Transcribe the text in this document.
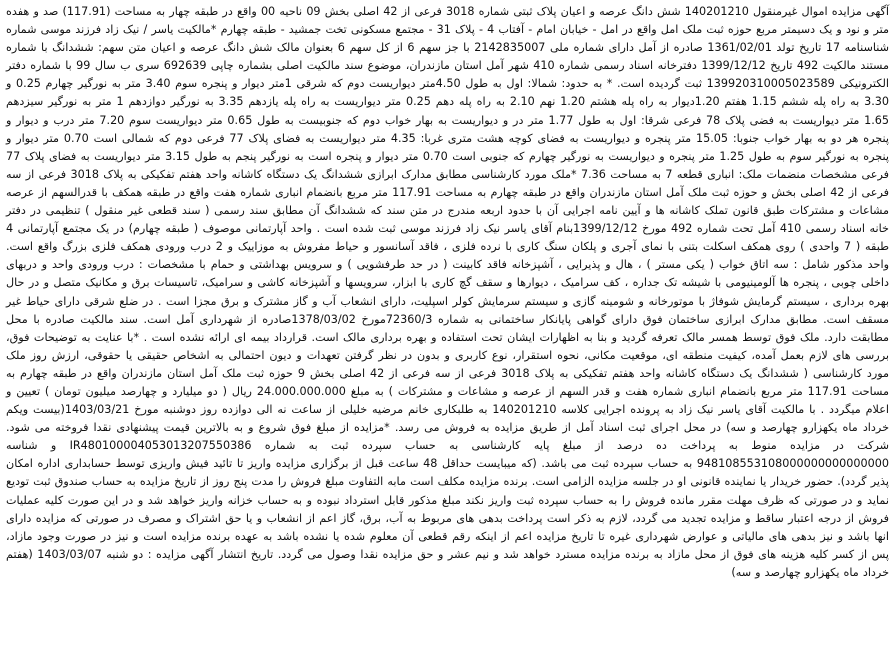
آگهی مزایده اموال غیرمنقول 140201210 شش دانگ عرصه و اعیان پلاک ثبتی شماره 3018 فرعی از 42 اصلی بخش 09 ناحیه 00 واقع در طبقه چهار به مساحت (117.91) صد و هفده متر و نود و یک دسیمتر مربع حوزه ثبت ملک امل واقع در امل - خیابان امام - آفتاب 4 - پلاک 31 - مجتمع مسکونی تخت جمشید - طبقه چهارم *مالکیت یاسر / نیک زاد فرزند موسی شماره شناسنامه 17 تاریخ تولد 1361/02/01 صادره از آمل دارای شماره ملی 2142835007 با جز سهم 6 از کل سهم 6 بعنوان مالک شش دانگ عرصه و اعیان متن سهم: ششدانگ با شماره مستند مالکیت 492 تاریخ 1399/12/12 دفترخانه اسناد رسمی شماره 410 شهر آمل استان مازندران، موضوع سند مالکیت اصلی بشماره چاپی 692639 سری ب سال 99 با شماره دفتر الکترونیکی 139920310005023589 ثبت گردیده است. * به حدود: شمالا: اول به طول 4.50متر دیواریست دوم که شرقی 1متر دیوار و پنجره سوم 3.40 متر به نورگیر چهارم 0.25 و 3.30 به راه پله ششم 1.15 هفتم 1.20دیوار به راه پله هشتم 1.20 نهم 2.10 به راه پله دهم 0.25 متر دیواریست به راه پله یازدهم 3.35 به نورگیر دوازدهم 1 متر به نورگیر سیزدهم 1.65 متر دیواریست به فضی پلاک 78 فرعی شرقا: اول به طول 1.77 متر در و دیواریست به بهار خواب دوم که جنوبیست به طول 0.65 متر دیواریست سوم 7.20 متر درب و دیوار و پنجره هر دو به بهار خواب جنوبا: 15.05 متر پنجره و دیواریست به فضای کوچه هشت متری غربا: 4.35 متر دیواریست به فضای پلاک 77 فرعی دوم که شمالی است 0.70 متر دیوار و پنجره به نورگیر سوم به طول 1.25 متر پنجره و دیواریست به نورگیر چهارم که جنوبی است 0.70 متر دیوار و پنجره است به نورگیر پنجم به طول 3.15 متر دیواریست به فضای پلاک 77 فرعی مشخصات منضمات ملک: انباری قطعه 7 به مساحت 7.36 *ملک مورد کارشناسی مطابق مدارک ابرازی ششدانگ یک دستگاه کاشانه واحد هفتم تفکیکی به پلاک 3018 فرعی از سه فرعی از 42 اصلی بخش و حوزه ثبت ملک آمل استان مازندران واقع در طبقه چهارم به مساحت 117.91 متر مربع بانضمام انباری شماره هفت واقع در طبقه همکف با قدرالسهم از عرصه مشاعات و مشترکات طبق قانون تملک کاشانه ها و آیین نامه اجرایی آن با حدود اربعه مندرج در متن سند که ششدانگ آن مطابق سند رسمی ( سند قطعی غیر منقول ) تنظیمی در دفتر خانه اسناد رسمی 410 آمل تحت شماره 492 مورخ 1399/12/12بنام آقای یاسر نیک زاد فرزند موسی ثبت شده است . واحد آپارتمانی موصوف ( طبقه چهارم) در یک مجتمع آپارتمانی 4 طبقه ( 7 واحدی ) روی همکف اسکلت بتنی با نمای آجری و پلکان سنگ کاری با نرده فلزی ، فاقد آسانسور و حیاط مفروش به موزاییک و 2 درب ورودی همکف فلزی بزرگ واقع است. واحد مذکور شامل : سه اتاق خواب ( یکی مستر ) ، هال و پذیرایی ، آشپزخانه فاقد کابینت ( در حد طرفشویی ) و سرویس بهداشتی و حمام با مشخصات : درب ورودی واحد و دربهای داخلی چوبی ، پنجره ها آلومینیومی با شیشه تک جداره ، کف سرامیک ، دیوارها و سقف گچ کاری با ابزار، سرویسها و آشپزخانه کاشی و سرامیک، تاسیسات برق و مکانیک متصل و در حال بهره برداری ، سیستم گرمایش شوفاژ با موتورخانه و شومینه گازی و سیستم سرمایش کولر اسپلیت، دارای انشعاب آب و گاز مشترک و برق مجزا است . در ضلع شرقی دارای حیاط غیر مسقف است. مطابق مدارک ابرازی ساختمان فوق دارای گواهی پایانکار ساختمانی به شماره 72360/3مورخ 1378/03/02صادره از شهرداری آمل است. سند مالکیت صادره با محل مطابقت دارد. ملک فوق توسط همسر مالک تعرفه گردید و بنا به اظهارات ایشان تحت استفاده و بهره برداری مالک است. قرارداد بیمه ای ارائه نشده است . *با عنایت به توضیحات فوق، بررسی های لازم بعمل آمده، کیفیت منطقه ای، موقعیت مکانی، نحوه استقرار، نوع کاربری و بدون در نظر گرفتن تعهدات و دیون احتمالی به اشخاص حقیقی یا حقوقی، ارزش روز ملک مورد کارشناسی ( ششدانگ یک دستگاه کاشانه واحد هفتم تفکیکی به پلاک 3018 فرعی از سه فرعی از 42 اصلی بخش 9 حوزه ثبت ملک آمل استان مازندران واقع در طبقه چهارم به مساحت 117.91 متر مربع بانضمام انباری شماره هفت و قدر السهم از عرصه و مشاعات و مشترکات ) به مبلغ 24.000.000.000 ریال ( دو میلیارد و چهارصد میلیون تومان ) تعیین و اعلام میگردد . با مالکیت آقای یاسر نیک زاد به پرونده اجرایی کلاسه 140201210 به طلبکاری خانم مرضیه خلیلی از ساعت نه الی دوازده روز دوشنبه مورخ 1403/03/21(بیست ویکم خرداد ماه یکهزارو چهارصد و سه) در محل اجرای ثبت اسناد آمل از طریق مزایده به فروش می رسد. *مزایده از مبلغ فوق شروع و به بالاترین قیمت پیشنهادی نقدا فروخته می شود. شرکت در مزایده منوط به پرداخت ده درصد از مبلغ پایه کارشناسی به حساب سپرده ثبت به شماره IR480100004053013207550386 و شناسه 948108553108000000000000000 به حساب سپرده ثبت می باشد. (که میبایست حداقل 48 ساعت قبل از برگزاری مزایده واریز تا تائید فیش واریزی توسط حسابداری اداره امکان پذیر گردد). حضور خریدار یا نماینده قانونی او در جلسه مزایده الزامی است. برنده مزایده مکلف است مابه التفاوت مبلغ فروش را مدت پنج روز از تاریخ مزایده به حساب صندوق ثبت تودیع نماید و در صورتی که ظرف مهلت مقرر مانده فروش را به حساب سپرده ثبت واریز نکند مبلغ مذکور قابل استرداد نبوده و به حساب خزانه واریز خواهد شد و در این صورت کلیه عملیات فروش از درجه اعتبار ساقط و مزایده تجدید می گردد، لازم به ذکر است پرداخت بدهی های مربوط به آب، برق، گاز اعم از انشعاب و یا حق اشتراک و مصرف در صورتی که مزایده دارای انها باشد و نیز بدهی های مالیاتی و عوارض شهرداری غیره تا تاریخ مزایده اعم از اینکه رقم قطعی آن معلوم شده یا نشده باشد به عهده برنده مزایده است و نیز در صورت وجود مازاد، پس از کسر کلیه هزینه های فوق از محل مازاد به برنده مزایده مسترد خواهد شد و نیم عشر و حق مزایده نقدا وصول می گردد. تاریخ انتشار آگهی مزایده : دو شنبه 1403/03/07 (هفتم خرداد ماه یکهزارو چهارصد و سه)
